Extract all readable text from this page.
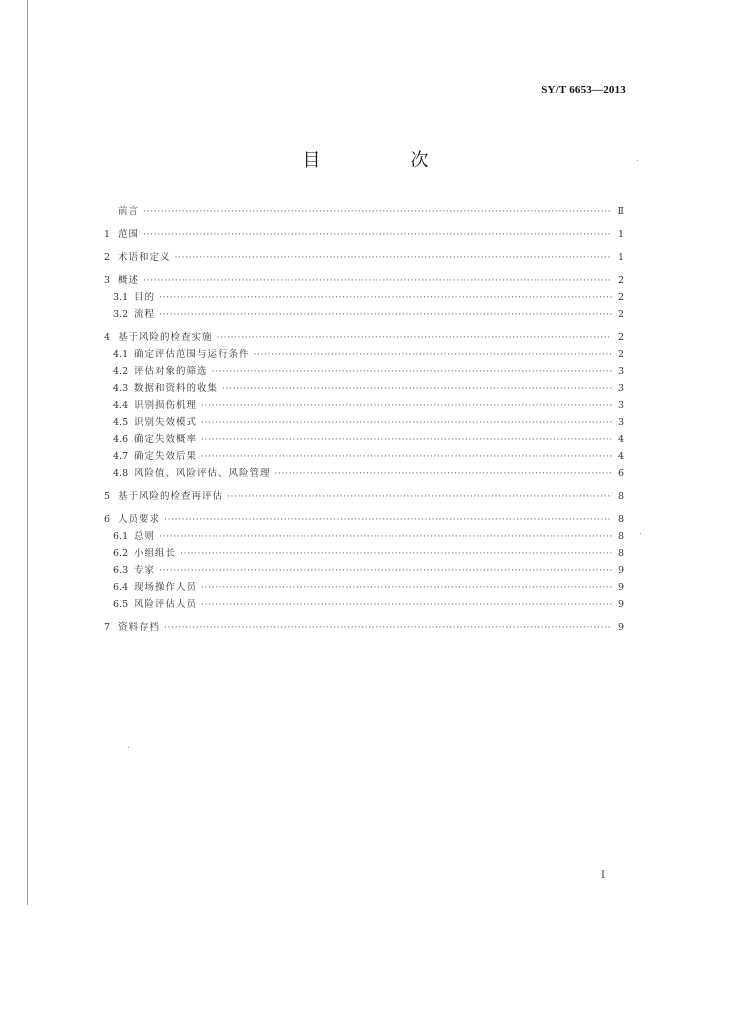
SY/T 6653—2013
目　次
前言 ·····	Ⅱ
1 范围 ·····	1
2 术语和定义 ·····	1
3 概述 ·····	2
3.1 目的 ·····	2
3.2 流程 ·····	2
4 基于风险的检查实施 ·····	2
4.1 确定评估范围与运行条件 ·····	2
4.2 评估对象的筛选 ·····	3
4.3 数据和资料的收集 ·····	3
4.4 识别损伤机理 ·····	3
4.5 识别失效模式 ·····	3
4.6 确定失效概率 ·····	4
4.7 确定失效后果 ·····	4
4.8 风险值、风险评估、风险管理 ·····	6
5 基于风险的检查再评估 ·····	8
6 人员要求 ·····	8
6.1 总则 ·····	8
6.2 小组组长 ·····	8
6.3 专家 ·····	9
6.4 现场操作人员 ·····	9
6.5 风险评估人员 ·····	9
7 资料存档 ·····	9
Ⅰ
